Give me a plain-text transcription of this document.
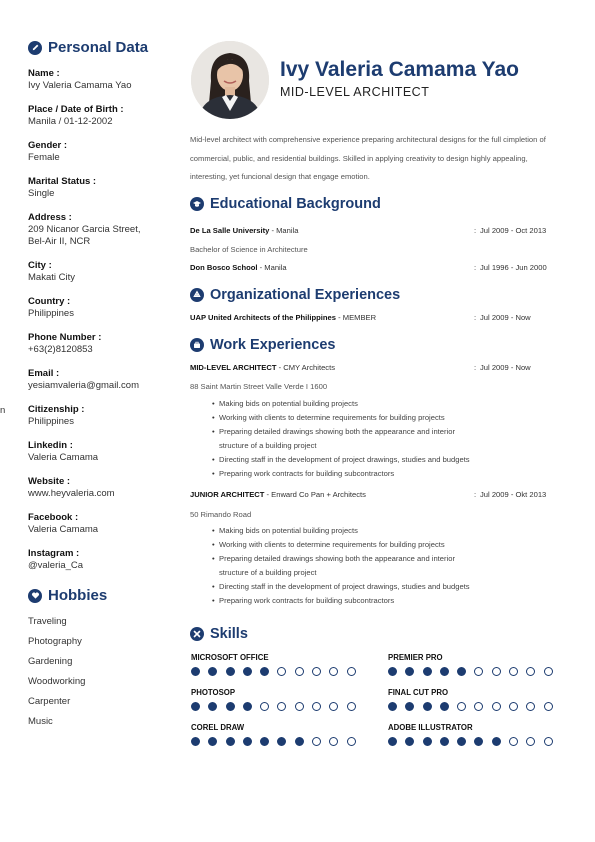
Personal Data
Name :
Ivy Valeria Camama Yao
Place / Date of Birth :
Manila / 01-12-2002
Gender :
Female
Marital Status :
Single
Address :
209 Nicanor Garcia Street,
Bel-Air II, NCR
City :
Makati City
Country :
Philippines
Phone Number :
+63(2)8120853
Email :
yesiamvaleria@gmail.com
Citizenship :
Philippines
Linkedin :
Valeria Camama
Website :
www.heyvaleria.com
Facebook :
Valeria Camama
Instagram :
@valeria_Ca
n
Hobbies
Traveling
Photography
Gardening
Woodworking
Carpenter
Music
Ivy Valeria Camama Yao
MID-LEVEL ARCHITECT
Mid-level architect with comprehensive experience preparing architectural designs for the full cimpletion of commercial, public, and residential buildings. Skilled in applying creativity to design highly appealing, interesting, yet funcional design that engage emotion.
Educational Background
De La Salle University - Manila	: Jul 2009 - Oct 2013
Bachelor of Science in Architecture
Don Bosco School - Manila	: Jul 1996 - Jun 2000
Organizational Experiences
UAP United Architects of the Philippines - MEMBER	: Jul 2009 - Now
Work Experiences
MID-LEVEL ARCHITECT - CMY Architects	: Jul 2009 - Now
88 Saint Martin Street Valle Verde I 1600
• Making bids on potential building projects
• Working with clients to determine requirements for building projects
• Preparing detailed drawings showing both the appearance and interior
structure of a building project
• Directing staff in the development of project drawings, studies and budgets
• Preparing work contracts for building subcontractors
JUNIOR ARCHITECT - Enward Co Pan + Architects	: Jul 2009 - Okt 2013
50 Rimando Road
• Making bids on potential building projects
• Working with clients to determine requirements for building projects
• Preparing detailed drawings showing both the appearance and interior
structure of a building project
• Directing staff in the development of project drawings, studies and budgets
• Preparing work contracts for building subcontractors
Skills
MICROSOFT OFFICE	PREMIER PRO
PHOTOSOP	FINAL CUT PRO
COREL DRAW	ADOBE ILLUSTRATOR
